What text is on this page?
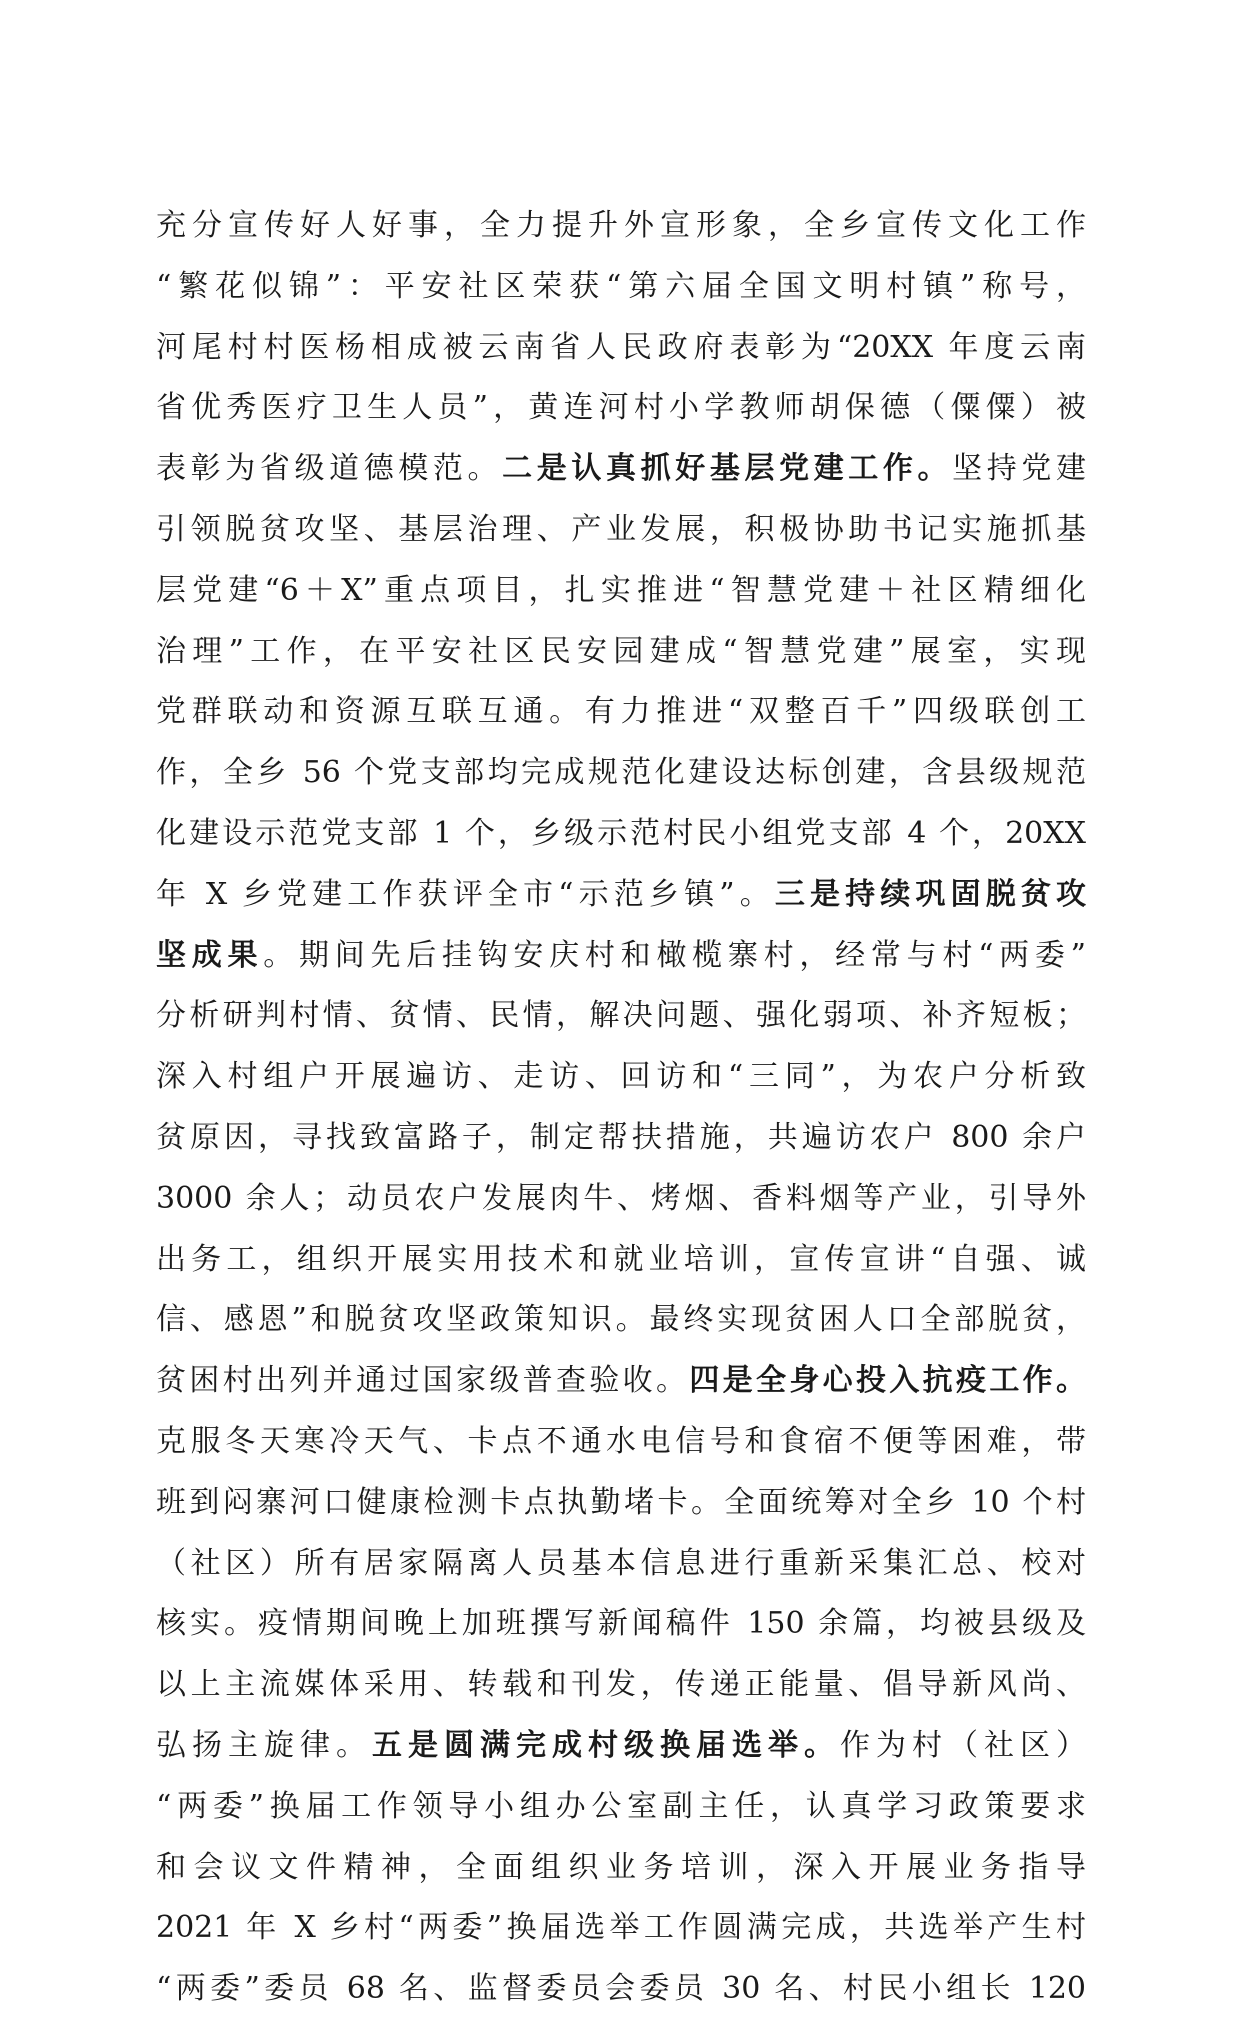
充分宣传好人好事，全力提升外宣形象，全乡宣传文化工作
“繁花似锦”：平安社区荣获“第六届全国文明村镇”称号，
河尾村村医杨相成被云南省人民政府表彰为“20XX 年度云南
省优秀医疗卫生人员”，黄连河村小学教师胡保德（僳僳）被
表彰为省级道德模范。二是认真抓好基层党建工作。坚持党建
引领脱贫攻坚、基层治理、产业发展，积极协助书记实施抓基
层党建“6＋X”重点项目，扎实推进“智慧党建＋社区精细化
治理”工作，在平安社区民安园建成“智慧党建”展室，实现
党群联动和资源互联互通。有力推进“双整百千”四级联创工
作，全乡 56 个党支部均完成规范化建设达标创建，含县级规范
化建设示范党支部 1 个，乡级示范村民小组党支部 4 个，20XX
年 X 乡党建工作获评全市“示范乡镇”。三是持续巩固脱贫攻
坚成果。期间先后挂钩安庆村和橄榄寨村，经常与村“两委”
分析研判村情、贫情、民情，解决问题、强化弱项、补齐短板；
深入村组户开展遍访、走访、回访和“三同”，为农户分析致
贫原因，寻找致富路子，制定帮扶措施，共遍访农户 800 余户
3000 余人；动员农户发展肉牛、烤烟、香料烟等产业，引导外
出务工，组织开展实用技术和就业培训，宣传宣讲“自强、诚
信、感恩”和脱贫攻坚政策知识。最终实现贫困人口全部脱贫，
贫困村出列并通过国家级普查验收。四是全身心投入抗疫工作。
克服冬天寒冷天气、卡点不通水电信号和食宿不便等困难，带
班到闷寨河口健康检测卡点执勤堵卡。全面统筹对全乡 10 个村
（社区）所有居家隔离人员基本信息进行重新采集汇总、校对
核实。疫情期间晚上加班撰写新闻稿件 150 余篇，均被县级及
以上主流媒体采用、转载和刊发，传递正能量、倡导新风尚、
弘扬主旋律。五是圆满完成村级换届选举。作为村（社区）
“两委”换届工作领导小组办公室副主任，认真学习政策要求
和会议文件精神，全面组织业务培训，深入开展业务指导
2021 年 X 乡村“两委”换届选举工作圆满完成，共选举产生村
“两委”委员 68 名、监督委员会委员 30 名、村民小组长 120
